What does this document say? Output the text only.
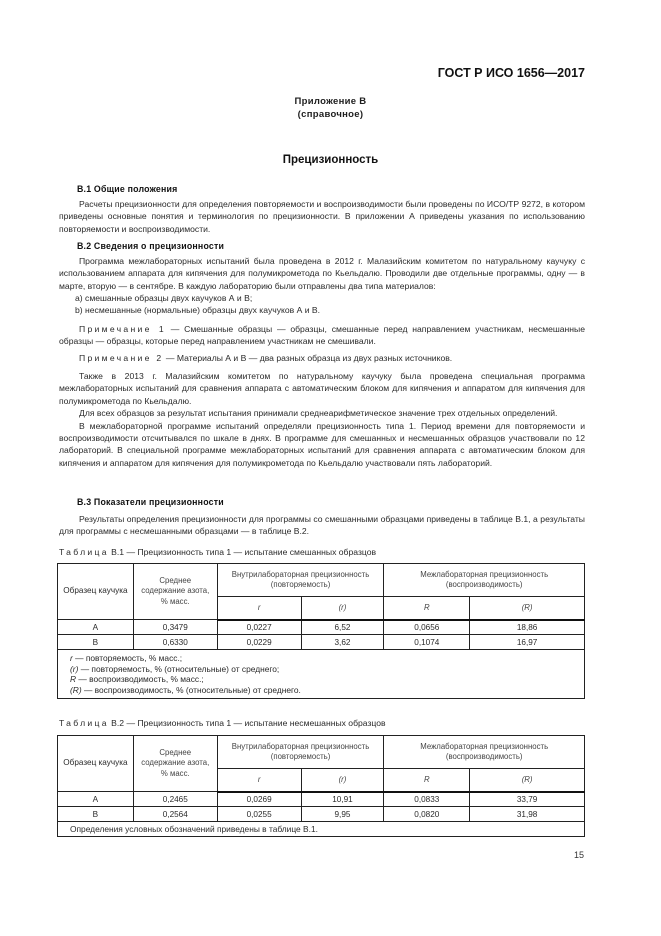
ГОСТ Р ИСО 1656—2017
Приложение В
(справочное)
Прецизионность
В.1 Общие положения

Расчеты прецизионности для определения повторяемости и воспроизводимости были проведены по ИСО/ТР 9272, в котором приведены основные понятия и терминология по прецизионности. В приложении А приведены указания по использованию повторяемости и воспроизводимости.

В.2 Сведения о прецизионности

Программа межлабораторных испытаний была проведена в 2012 г. Малазийским комитетом по натуральному каучуку с использованием аппарата для кипячения для полумикрометода по Кьельдалю. Проводили две отдельные программы, одну — в марте, вторую — в сентябре. В каждую лабораторию были отправлены два типа материалов:

a) смешанные образцы двух каучуков А и В;
b) несмешанные (нормальные) образцы двух каучуков А и В.

Примечание 1 — Смешанные образцы — образцы, смешанные перед направлением участникам, несмешанные образцы — образцы, которые перед направлением участникам не смешивали.

Примечание 2 — Материалы А и В — два разных образца из двух разных источников.

Также в 2013 г. Малазийским комитетом по натуральному каучуку была проведена специальная программа межлабораторных испытаний для сравнения аппарата с автоматическим блоком для кипячения и аппаратом для кипячения для полумикрометода по Кьельдалю.

Для всех образцов за результат испытания принимали среднеарифметическое значение трех отдельных определений.

В межлабораторной программе испытаний определяли прецизионность типа 1. Период времени для повторяемости и воспроизводимости отсчитывался по шкале в днях. В программе для смешанных и несмешанных образцов участвовали по 12 лабораторий. В специальной программе межлабораторных испытаний для сравнения аппарата с автоматическим блоком для кипячения и аппаратом для кипячения для полумикрометода по Кьельдалю участвовали пять лабораторий.

В.3 Показатели прецизионности

Результаты определения прецизионности для программы со смешанными образцами приведены в таблице В.1, а результаты для программы с несмешанными образцами — в таблице В.2.

Таблица В.1 — Прецизионность типа 1 — испытание смешанных образцов
Образец каучука	Среднее содержание азота, % масс.	Внутрилабораторная прецизионность (повторяемость)		Межлабораторная прецизионность (воспроизводимость)	
		r	(r)	R	(R)
А	0,3479	0,0227	6,52	0,0656	18,86
В	0,6330	0,0229	3,62	0,1074	16,97

r — повторяемость, % масс.;
(r) — повторяемость, % (относительные) от среднего;
R — воспроизводимость, % масс.;
(R) — воспроизводимость, % (относительные) от среднего.					
Таблица В.2 — Прецизионность типа 1 — испытание несмешанных образцов
Образец каучука	Среднее содержание азота, % масс.	Внутрилабораторная прецизионность (повторяемость)		Межлабораторная прецизионность (воспроизводимость)	
		r	(r)	R	(R)
А	0,2465	0,0269	10,91	0,0833	33,79
В	0,2564	0,0255	9,95	0,0820	31,98
Определения условных обозначений приведены в таблице В.1.					
15
